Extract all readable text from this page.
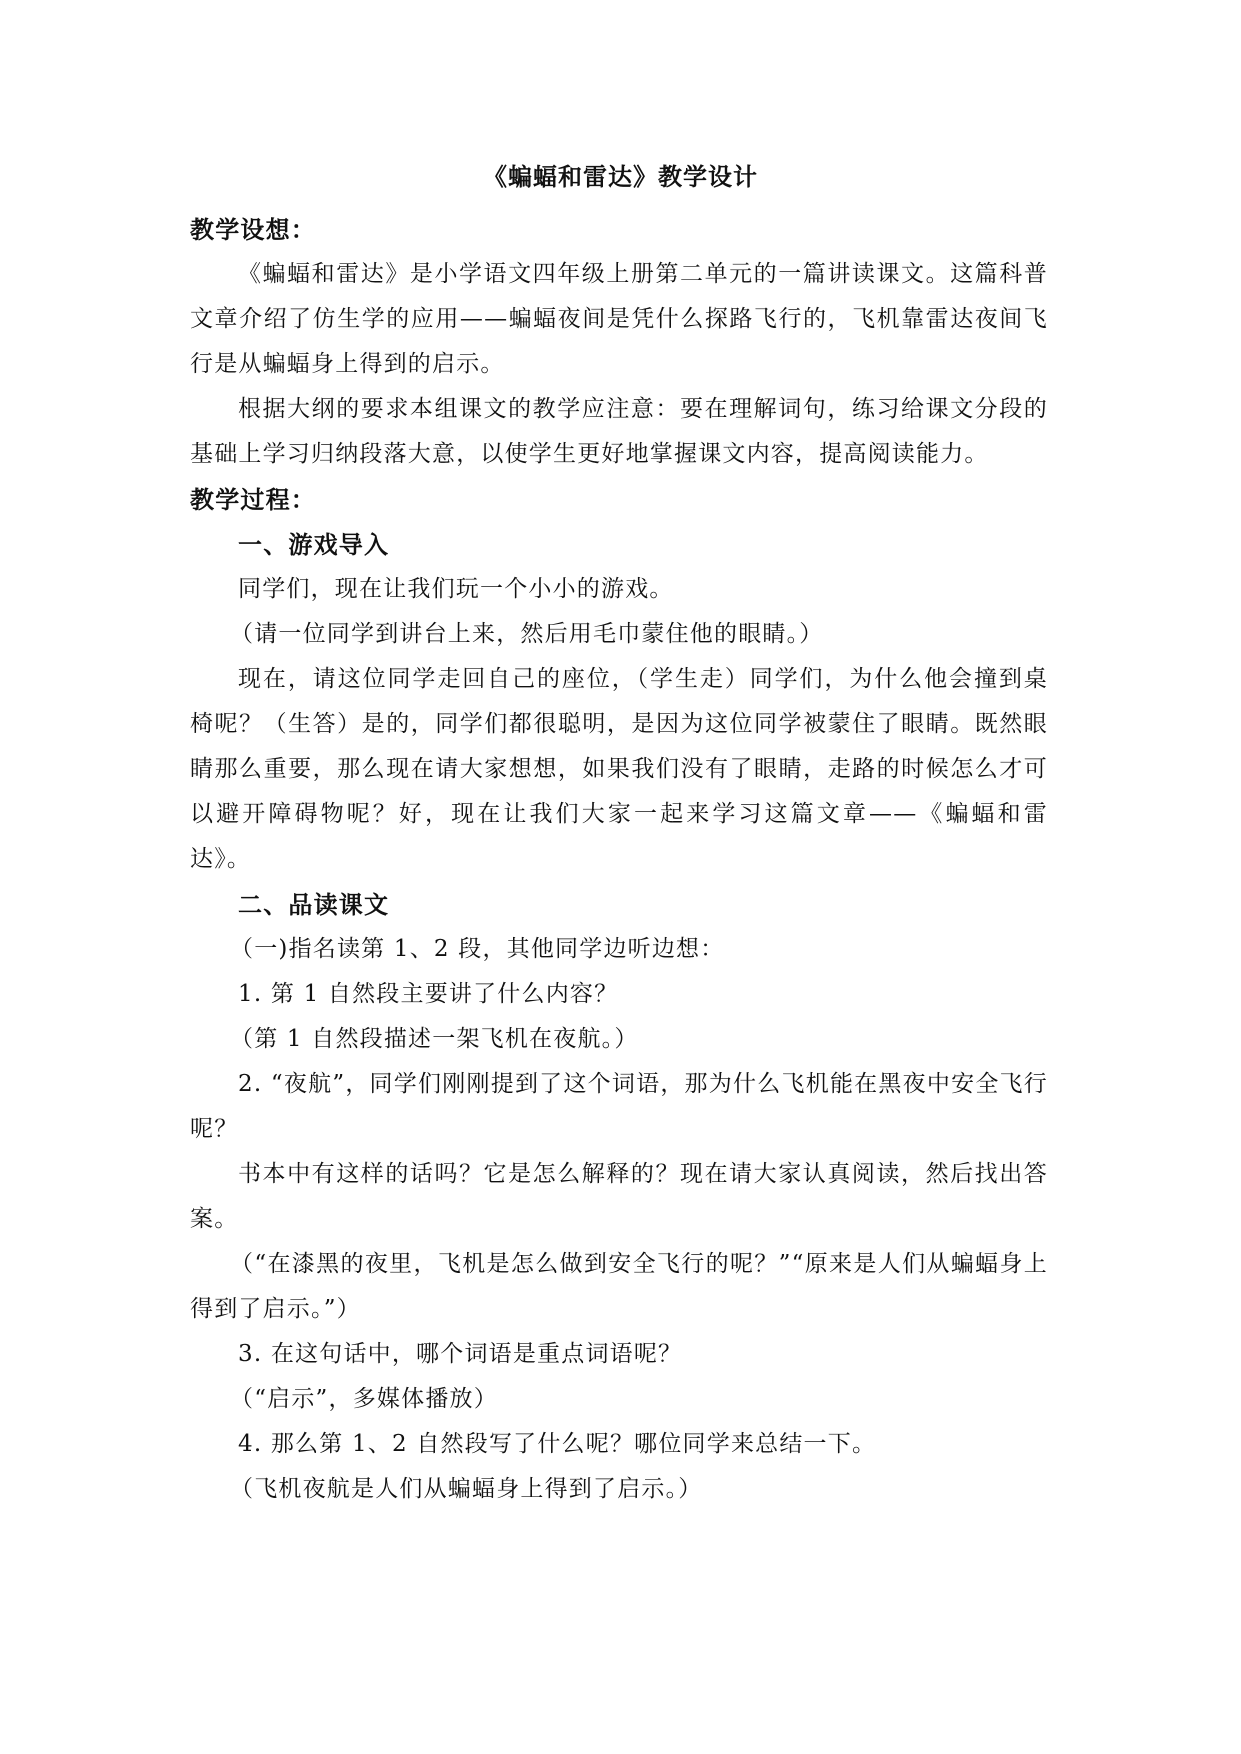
《蝙蝠和雷达》教学设计

教学设想：

《蝙蝠和雷达》是小学语文四年级上册第二单元的一篇讲读课文。这篇科普文章介绍了仿生学的应用——蝙蝠夜间是凭什么探路飞行的，飞机靠雷达夜间飞行是从蝙蝠身上得到的启示。

根据大纲的要求本组课文的教学应注意：要在理解词句，练习给课文分段的基础上学习归纳段落大意，以使学生更好地掌握课文内容，提高阅读能力。

教学过程：

一、游戏导入

同学们，现在让我们玩一个小小的游戏。

（请一位同学到讲台上来，然后用毛巾蒙住他的眼睛。）

现在，请这位同学走回自己的座位，（学生走）同学们，为什么他会撞到桌椅呢？（生答）是的，同学们都很聪明，是因为这位同学被蒙住了眼睛。既然眼睛那么重要，那么现在请大家想想，如果我们没有了眼睛，走路的时候怎么才可以避开障碍物呢？好，现在让我们大家一起来学习这篇文章——《蝙蝠和雷达》。

二、品读课文

（一)指名读第 1、2 段，其他同学边听边想：

1. 第 1 自然段主要讲了什么内容？

（第 1 自然段描述一架飞机在夜航。）

2. “夜航”，同学们刚刚提到了这个词语，那为什么飞机能在黑夜中安全飞行呢？

书本中有这样的话吗？它是怎么解释的？现在请大家认真阅读，然后找出答案。

（“在漆黑的夜里，飞机是怎么做到安全飞行的呢？”“原来是人们从蝙蝠身上得到了启示。”）

3. 在这句话中，哪个词语是重点词语呢？

（“启示”，多媒体播放）

4. 那么第 1、2 自然段写了什么呢？哪位同学来总结一下。

（飞机夜航是人们从蝙蝠身上得到了启示。）
